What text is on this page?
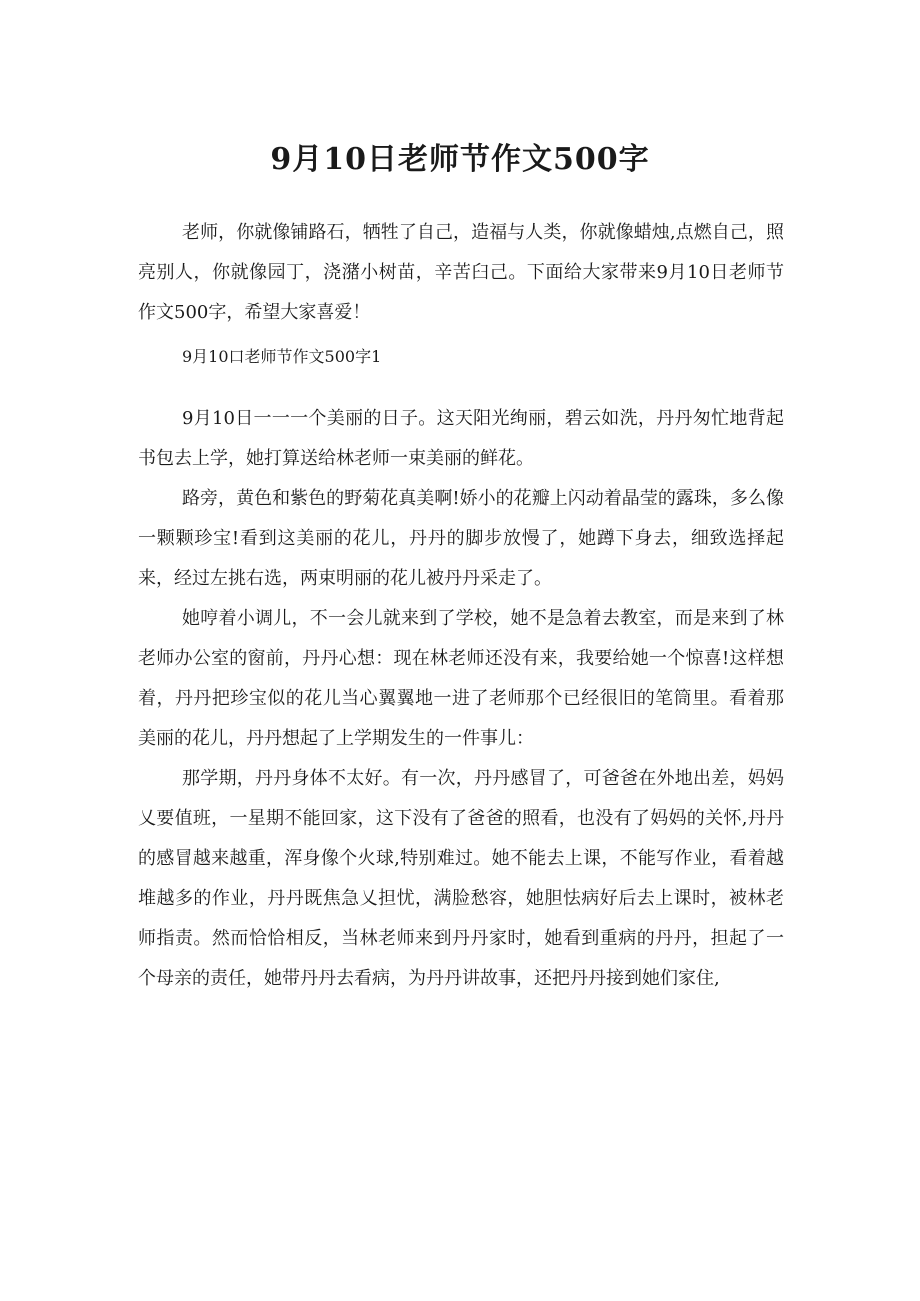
9月10日老师节作文500字

老师，你就像铺路石，牺牲了自己，造福与人类，你就像蜡烛,点燃自己，照亮别人，你就像园丁，浇潴小树苗，辛苦臼己。下面给大家带来9月10日老师节作文500字，希望大家喜爱！

9月10口老师节作文500字1

9月10日一一一个美丽的日子。这天阳光绚丽，碧云如洗，丹丹匆忙地背起书包去上学，她打算送给林老师一束美丽的鲜花。

路旁，黄色和紫色的野菊花真美啊!娇小的花瓣上闪动着晶莹的露珠，多么像一颗颗珍宝!看到这美丽的花儿，丹丹的脚步放慢了，她蹲下身去，细致选择起来，经过左挑右选，两束明丽的花儿被丹丹采走了。

她哼着小调儿，不一会儿就来到了学校，她不是急着去教室，而是来到了林老师办公室的窗前，丹丹心想：现在林老师还没有来，我要给她一个惊喜!这样想着，丹丹把珍宝似的花儿当心翼翼地一进了老师那个已经很旧的笔筒里。看着那美丽的花儿，丹丹想起了上学期发生的一件事儿：

那学期，丹丹身体不太好。有一次，丹丹感冒了，可爸爸在外地出差，妈妈乂要值班，一星期不能回家，这下没有了爸爸的照看，也没有了妈妈的关怀,丹丹的感冒越来越重，浑身像个火球,特别难过。她不能去上课，不能写作业，看着越堆越多的作业，丹丹既焦急乂担忧，满脸愁容，她胆怯病好后去上课时，被林老师指责。然而恰恰相反，当林老师来到丹丹家时，她看到重病的丹丹，担起了一个母亲的责任，她带丹丹去看病，为丹丹讲故事，还把丹丹接到她们家住,
